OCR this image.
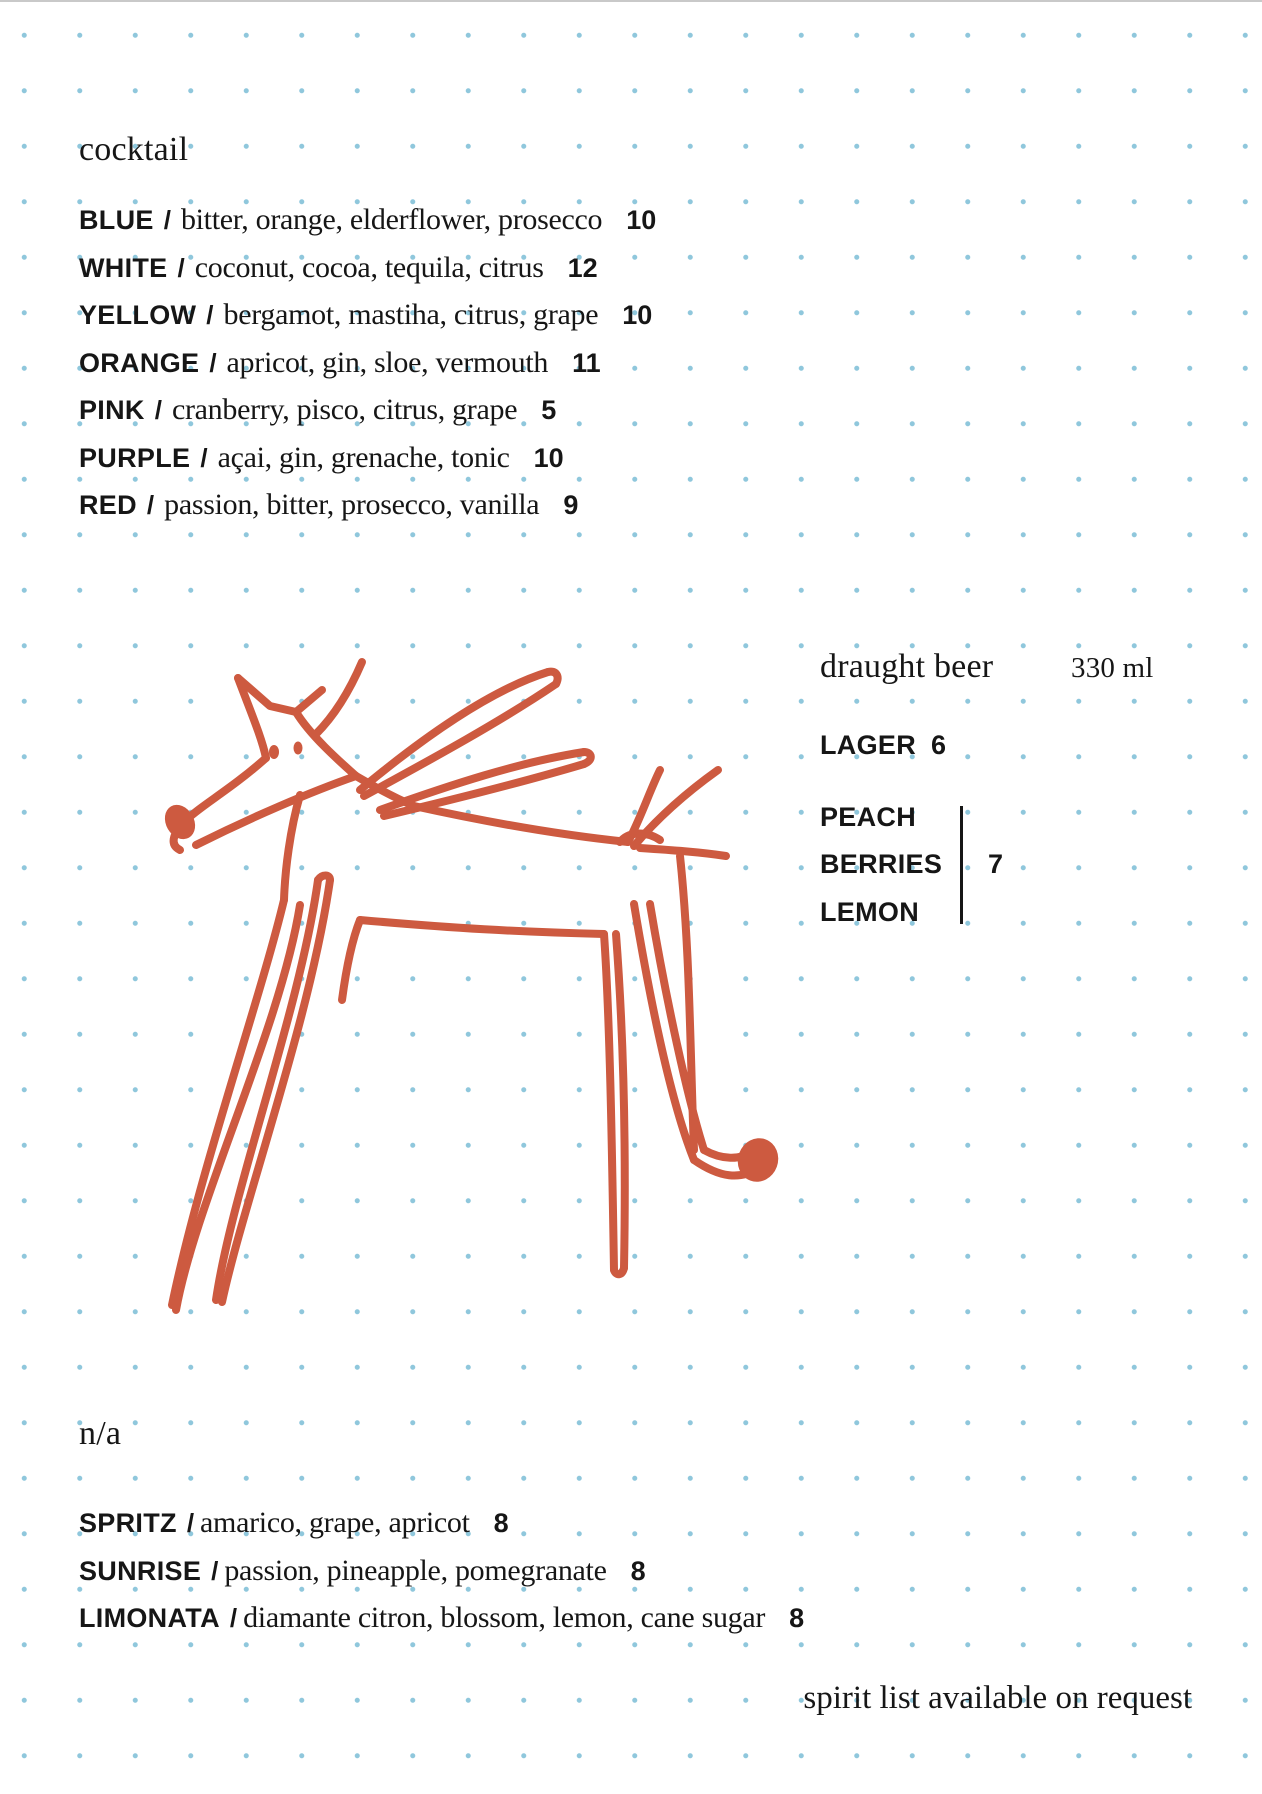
cocktail
BLUE / bitter, orange, elderflower, prosecco 10
WHITE / coconut, cocoa, tequila, citrus 12
YELLOW / bergamot, mastiha, citrus, grape 10
ORANGE / apricot, gin, sloe, vermouth 11
PINK / cranberry, pisco, citrus, grape 5
PURPLE / açai, gin, grenache, tonic 10
RED / passion, bitter, prosecco, vanilla 9
draught beer	330 ml
LAGER 6
PEACH
BERRIES
LEMON
7
n/a
SPRITZ / amarico, grape, apricot 8
SUNRISE / passion, pineapple, pomegranate 8
LIMONATA / diamante citron, blossom, lemon, cane sugar 8
spirit list available on request
